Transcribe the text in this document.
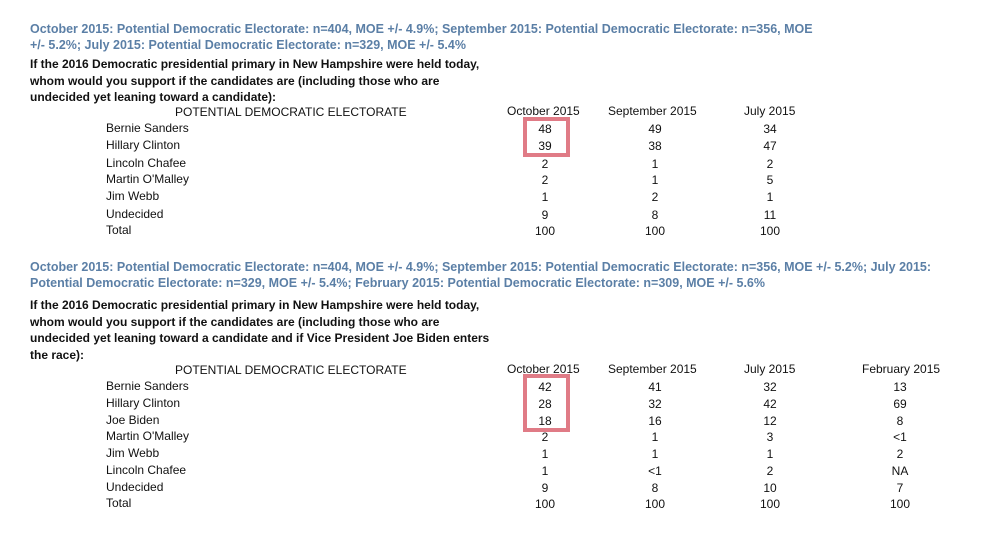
October 2015: Potential Democratic Electorate: n=404, MOE +/- 4.9%; September 2015: Potential Democratic Electorate: n=356, MOE
+/- 5.2%; July 2015: Potential Democratic Electorate: n=329, MOE +/- 5.4%
If the 2016 Democratic presidential primary in New Hampshire were held today, whom would you support if the candidates are (including those who are undecided yet leaning toward a candidate):
POTENTIAL DEMOCRATIC ELECTORATE	October 2015 September 2015	July 2015
Bernie Sanders	48	49	34
Hillary Clinton	39	38	47
Lincoln Chafee	2	1	2
Martin O'Malley	2	1	5
Jim Webb	1	2	1
Undecided	9	8	11
Total	100	100	100
October 2015: Potential Democratic Electorate: n=404, MOE +/- 4.9%; September 2015: Potential Democratic Electorate: n=356, MOE +/- 5.2%; July 2015:
Potential Democratic Electorate: n=329, MOE +/- 5.4%; February 2015: Potential Democratic Electorate: n=309, MOE +/- 5.6%
If the 2016 Democratic presidential primary in New Hampshire were held today, whom would you support if the candidates are (including those who are undecided yet leaning toward a candidate and if Vice President Joe Biden enters the race):
POTENTIAL DEMOCRATIC ELECTORATE	October 2015 September 2015	July 2015	February 2015
Bernie Sanders	42	41	32	13
Hillary Clinton	28	32	42	69
Joe Biden	18	16	12	8
Martin O'Malley	2	1	3	<1
Jim Webb	1	1	1	2
Lincoln Chafee	1	<1	2	NA
Undecided	9	8	10	7
Total	100	100	100	100
